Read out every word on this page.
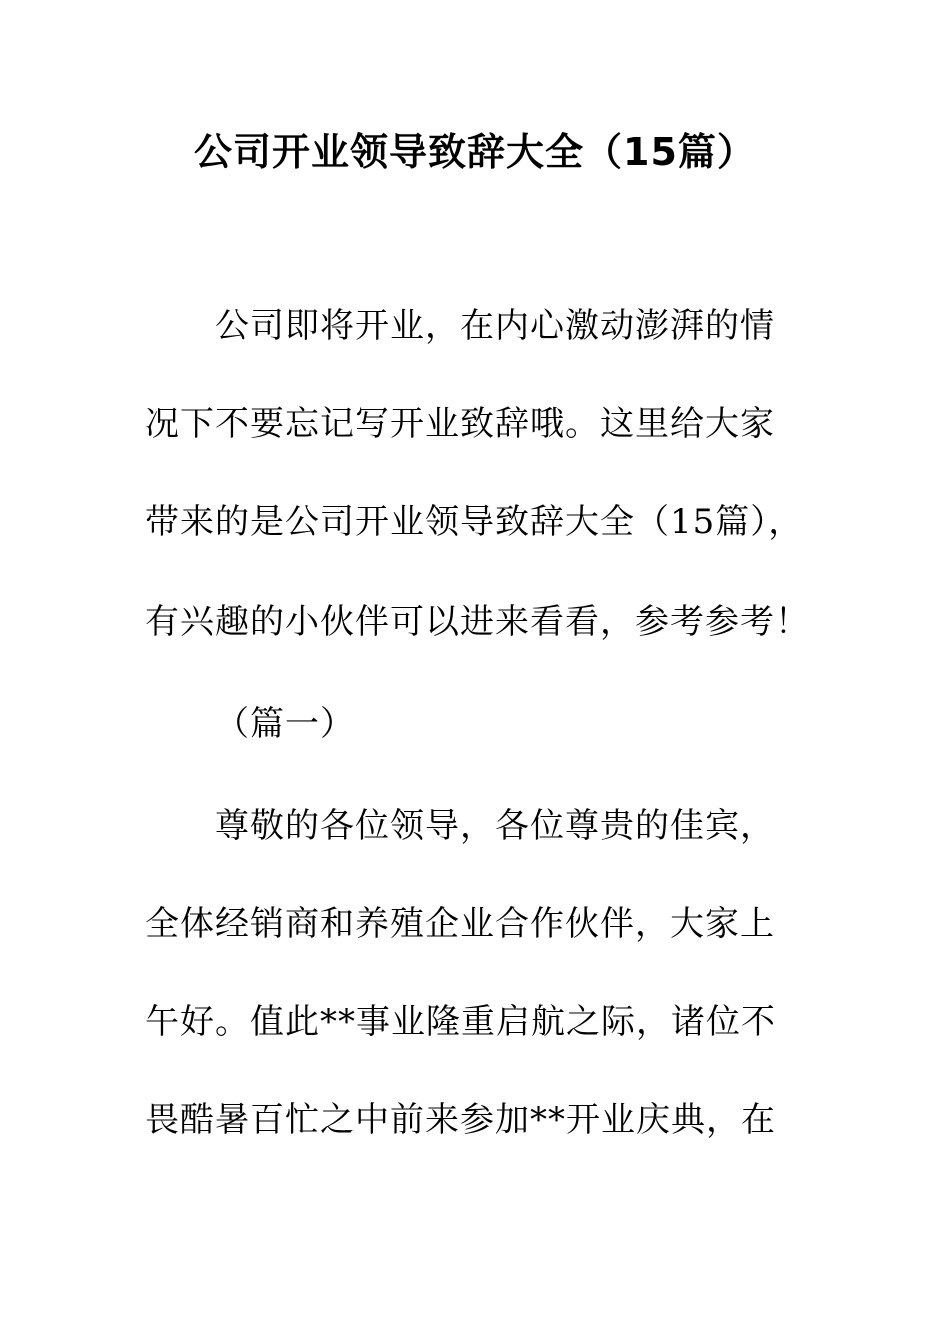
公司开业领导致辞大全（15篇）
公司即将开业，在内心激动澎湃的情
况下不要忘记写开业致辞哦。这里给大家
带来的是公司开业领导致辞大全（15篇），
有兴趣的小伙伴可以进来看看，参考参考！
（篇一）
尊敬的各位领导，各位尊贵的佳宾，
全体经销商和养殖企业合作伙伴，大家上
午好。值此**事业隆重启航之际，诸位不
畏酷暑百忙之中前来参加**开业庆典，在
